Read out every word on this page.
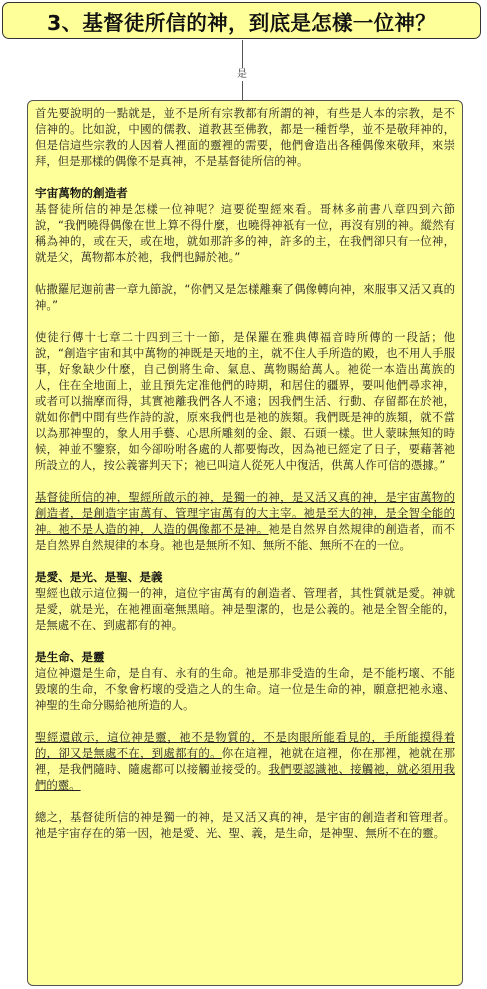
3、基督徒所信的神，到底是怎樣一位神？
是

首先要說明的一點就是，並不是所有宗教都有所謂的神，有些是人本的宗教，是不信神的。比如說，中國的儒教、道教甚至佛教，都是一種哲學，並不是敬拜神的，但是信這些宗教的人因着人裡面的靈裡的需要，他們會造出各種偶像來敬拜，來崇拜，但是那樣的偶像不是真神，不是基督徒所信的神。

宇宙萬物的創造者

基督徒所信的神是怎樣一位神呢？這要從聖經來看。哥林多前書八章四到六節說，“我們曉得偶像在世上算不得什麼，也曉得神祇有一位，再沒有別的神。縱然有稱為神的，或在天，或在地，就如那許多的神，許多的主，在我們卻只有一位神，就是父，萬物都本於祂，我們也歸於祂。”

帖撒羅尼迦前書一章九節說，“你們又是怎樣離棄了偶像轉向神，來服事又活又真的神。”

使徒行傳十七章二十四到三十一節，是保羅在雅典傳福音時所傳的一段話；他說，“創造宇宙和其中萬物的神既是天地的主，就不住人手所造的殿，也不用人手服事，好象缺少什麼，自己倒將生命、氣息、萬物賜給萬人。祂從一本造出萬族的人，住在全地面上，並且預先定准他們的時期，和居住的疆界，要叫他們尋求神，或者可以揣摩而得，其實祂離我們各人不遠；因我們生活、行動、存留都在於祂，就如你們中間有些作詩的說，原來我們也是祂的族類。我們既是神的族類，就不當以為那神聖的，象人用手藝、心思所雕刻的金、銀、石頭一樣。世人蒙昧無知的時候，神並不鑒察，如今卻吩咐各處的人都要悔改，因為祂已經定了日子，要藉著祂所設立的人，按公義審判天下；祂已叫這人從死人中復活，供萬人作可信的憑據。”

基督徒所信的神，聖經所啟示的神，是獨一的神，是又活又真的神，是宇宙萬物的創造者，是創造宇宙萬有、管理宇宙萬有的大主宰。祂是至大的神，是全智全能的神。祂不是人造的神，人造的偶像都不是神。祂是自然界自然規律的創造者，而不是自然界自然規律的本身。祂也是無所不知、無所不能、無所不在的一位。

是愛、是光、是聖、是義

聖經也啟示這位獨一的神，這位宇宙萬有的創造者、管理者，其性質就是愛。神就是愛，就是光，在祂裡面毫無黑暗。神是聖潔的，也是公義的。祂是全智全能的，是無處不在、到處都有的神。

是生命、是靈

這位神還是生命，是自有、永有的生命。祂是那非受造的生命，是不能朽壞、不能毀壞的生命，不象會朽壞的受造之人的生命。這一位是生命的神，願意把祂永遠、神聖的生命分賜給祂所造的人。

聖經還啟示，這位神是靈，祂不是物質的，不是肉眼所能看見的，手所能摸得着的，卻又是無處不在，到處都有的。你在這裡，祂就在這裡，你在那裡，祂就在那裡，是我們隨時、隨處都可以接觸並接受的。我們要認識祂、接觸祂，就必須用我們的靈。

總之，基督徒所信的神是獨一的神，是又活又真的神，是宇宙的創造者和管理者。祂是宇宙存在的第一因，祂是愛、光、聖、義，是生命，是神聖、無所不在的靈。
